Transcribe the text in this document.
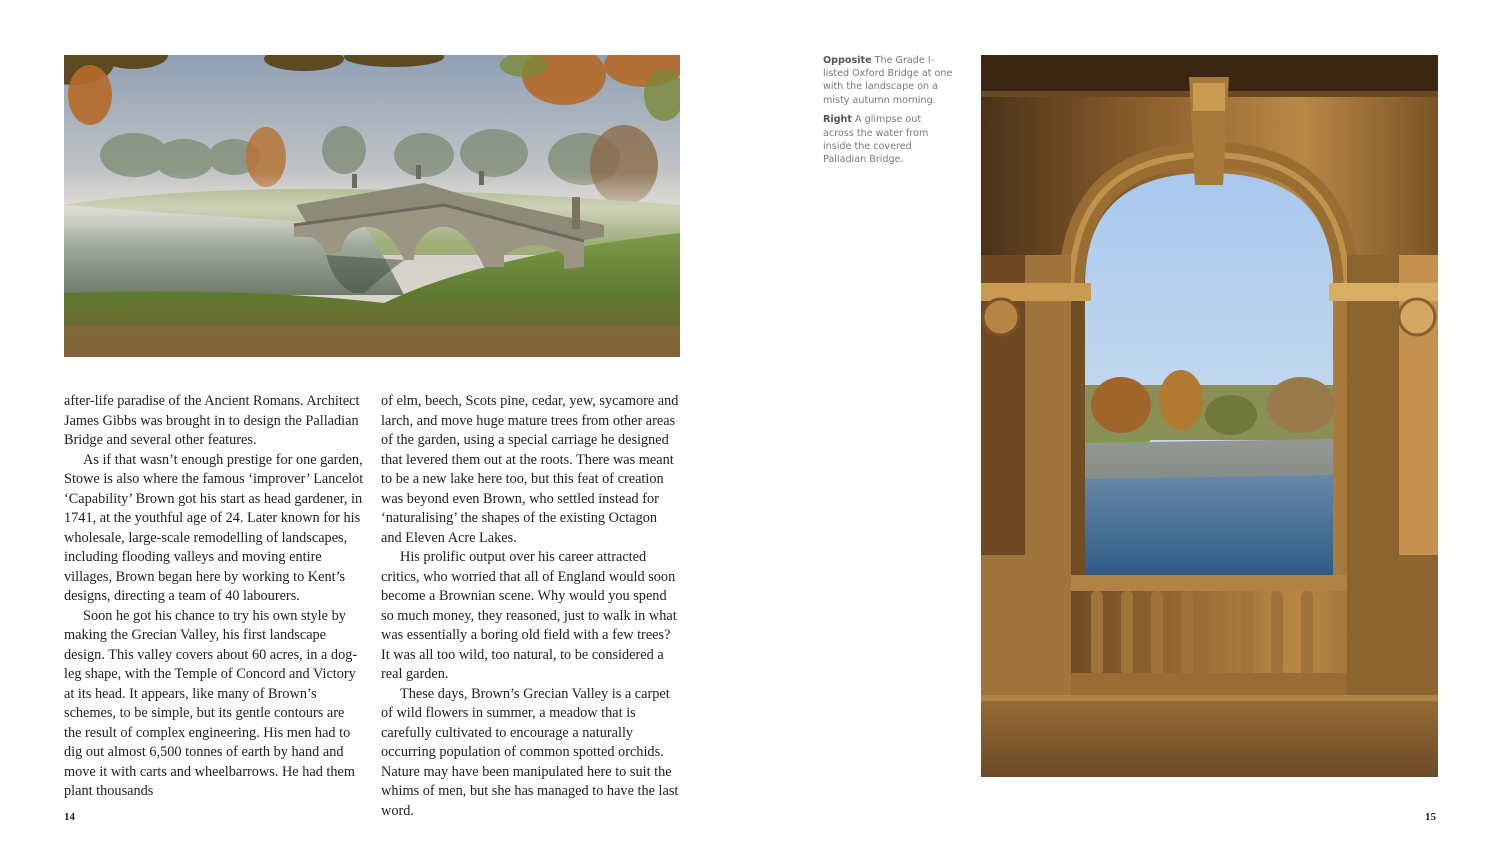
after-life paradise of the Ancient Romans. Architect James Gibbs was brought in to design the Palladian Bridge and several other features.

As if that wasn’t enough prestige for one garden, Stowe is also where the famous ‘improver’ Lancelot ‘Capability’ Brown got his start as head gardener, in 1741, at the youthful age of 24. Later known for his wholesale, large-scale remodelling of landscapes, including flooding valleys and moving entire villages, Brown began here by working to Kent’s designs, directing a team of 40 labourers.

Soon he got his chance to try his own style by making the Grecian Valley, his first landscape design. This valley covers about 60 acres, in a dog-leg shape, with the Temple of Concord and Victory at its head. It appears, like many of Brown’s schemes, to be simple, but its gentle contours are the result of complex engineering. His men had to dig out almost 6,500 tonnes of earth by hand and move it with carts and wheelbarrows. He had them plant thousands

of elm, beech, Scots pine, cedar, yew, sycamore and larch, and move huge mature trees from other areas of the garden, using a special carriage he designed that levered them out at the roots. There was meant to be a new lake here too, but this feat of creation was beyond even Brown, who settled instead for ‘naturalising’ the shapes of the existing Octagon and Eleven Acre Lakes.

His prolific output over his career attracted critics, who worried that all of England would soon become a Brownian scene. Why would you spend so much money, they reasoned, just to walk in what was essentially a boring old field with a few trees? It was all too wild, too natural, to be considered a real garden.

These days, Brown’s Grecian Valley is a carpet of wild flowers in summer, a meadow that is carefully cultivated to encourage a naturally occurring population of common spotted orchids. Nature may have been manipulated here to suit the whims of men, but she has managed to have the last word.

14

Opposite The Grade I-listed Oxford Bridge at one with the landscape on a misty autumn morning.

Right A glimpse out across the water from inside the covered Palladian Bridge.

15
